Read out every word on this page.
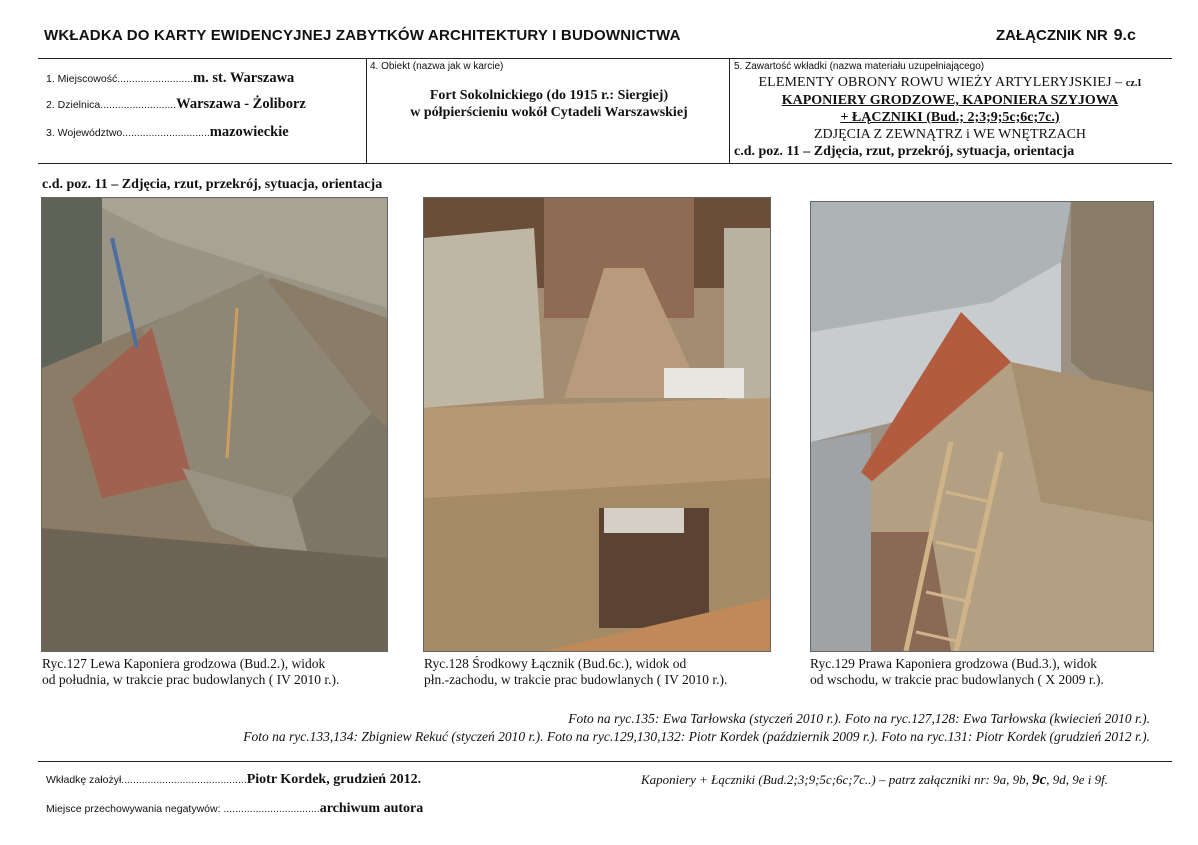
WKŁADKA DO KARTY EWIDENCYJNEJ ZABYTKÓW ARCHITEKTURY I BUDOWNICTWA	ZAŁĄCZNIK NR 9.c
1. Miejscowość..........................m. st. Warszawa
2. Dzielnica..........................Warszawa - Żoliborz
3. Województwo..............................mazowieckie
4. Obiekt (nazwa jak w karcie)
Fort Sokolnickiego (do 1915 r.: Siergiej)
w półpierścieniu wokół Cytadeli Warszawskiej
5. Zawartość wkładki (nazwa materiału uzupełniającego)
ELEMENTY OBRONY ROWU WIEŻY ARTYLERYJSKIEJ – cz.I
KAPONIERY GRODZOWE, KAPONIERA SZYJOWA
+ ŁĄCZNIKI (Bud.; 2;3;9;5c;6c;7c.)
ZDJĘCIA Z ZEWNĄTRZ i WE WNĘTRZACH
c.d. poz. 11 – Zdjęcia, rzut, przekrój, sytuacja, orientacja
c.d. poz. 11 – Zdjęcia, rzut, przekrój, sytuacja, orientacja
Ryc.127 Lewa Kaponiera grodzowa (Bud.2.), widok
od południa, w trakcie prac budowlanych ( IV 2010 r.).
Ryc.128 Środkowy Łącznik (Bud.6c.), widok od
płn.-zachodu, w trakcie prac budowlanych ( IV 2010 r.).
Ryc.129 Prawa Kaponiera grodzowa (Bud.3.), widok
od wschodu, w trakcie prac budowlanych ( X 2009 r.).
Foto na ryc.135: Ewa Tarłowska (styczeń 2010 r.). Foto na ryc.127,128: Ewa Tarłowska (kwiecień 2010 r.).
Foto na ryc.133,134: Zbigniew Rekuć (styczeń 2010 r.). Foto na ryc.129,130,132: Piotr Kordek (październik 2009 r.). Foto na ryc.131: Piotr Kordek (grudzień 2012 r.).
Wkładkę założył...........................................Piotr Kordek, grudzień 2012.
Miejsce przechowywania negatywów: .................................archiwum autora
Kaponiery + Łączniki (Bud.2;3;9;5c;6c;7c..) – patrz załączniki nr: 9a, 9b, 9c, 9d, 9e i 9f.
